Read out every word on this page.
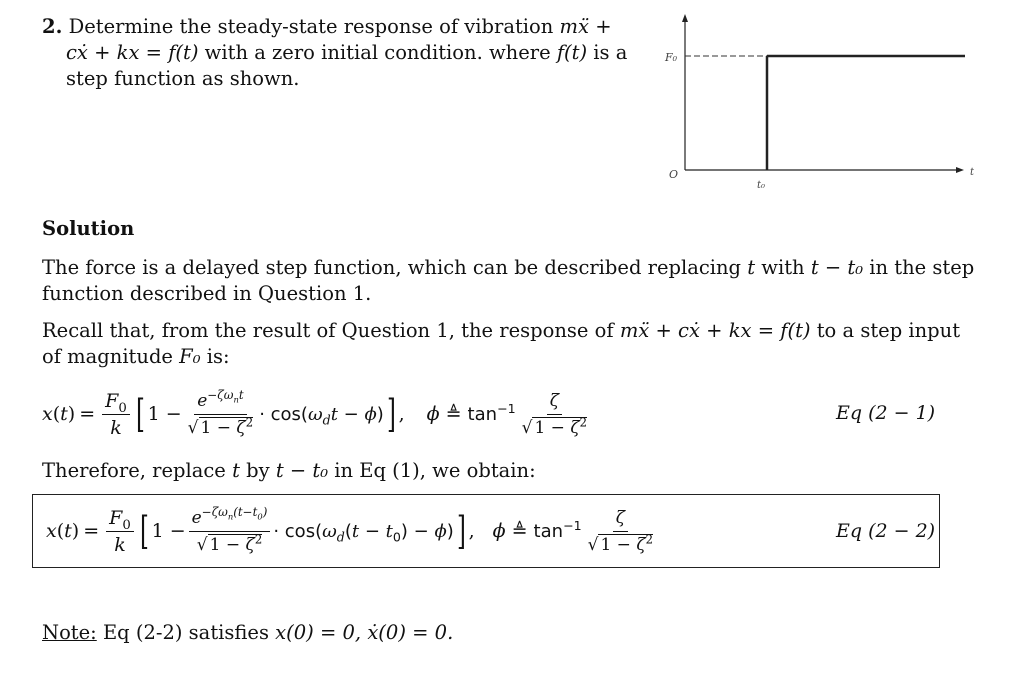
2. Determine the steady-state response of vibration mẍ +
cẋ + kx = f(t) with a zero initial condition. where f(t) is a
step function as shown.
F₀
O
t₀
t
Solution
The force is a delayed step function, which can be described replacing t with t − t₀ in the step
function described in Question 1.
Recall that, from the result of Question 1, the response of mẍ + cẋ + kx = f(t) to a step input
of magnitude F₀ is:
x ( t ) = $\frac{F_0}{k}$ [ $1 - \frac{e^{-\zeta\omega_nt}}{√ 1 - \zeta^2} \cdot \cos(\omega_dt - \phi)$ ] , ϕ ≜ $\tan^{-1} \frac{\zeta}{√ 1 - \zeta^2}$	Eq (2 − 1)
Therefore, replace t by t − t₀ in Eq (1), we obtain:
x ( t ) = $\frac{F_0}{k}$ [ $1 - \frac{e^{-\zeta\omega_n(t-t_0)}}{√ 1 - \zeta^2} \cdot \cos(\omega_d(t - t_0) - \phi)$ ] , ϕ ≜ $\tan^{-1} \frac{\zeta}{√ 1 - \zeta^2}$	Eq (2 − 2)
Note: Eq (2-2) satisfies x(0) = 0, ẋ(0) = 0.
